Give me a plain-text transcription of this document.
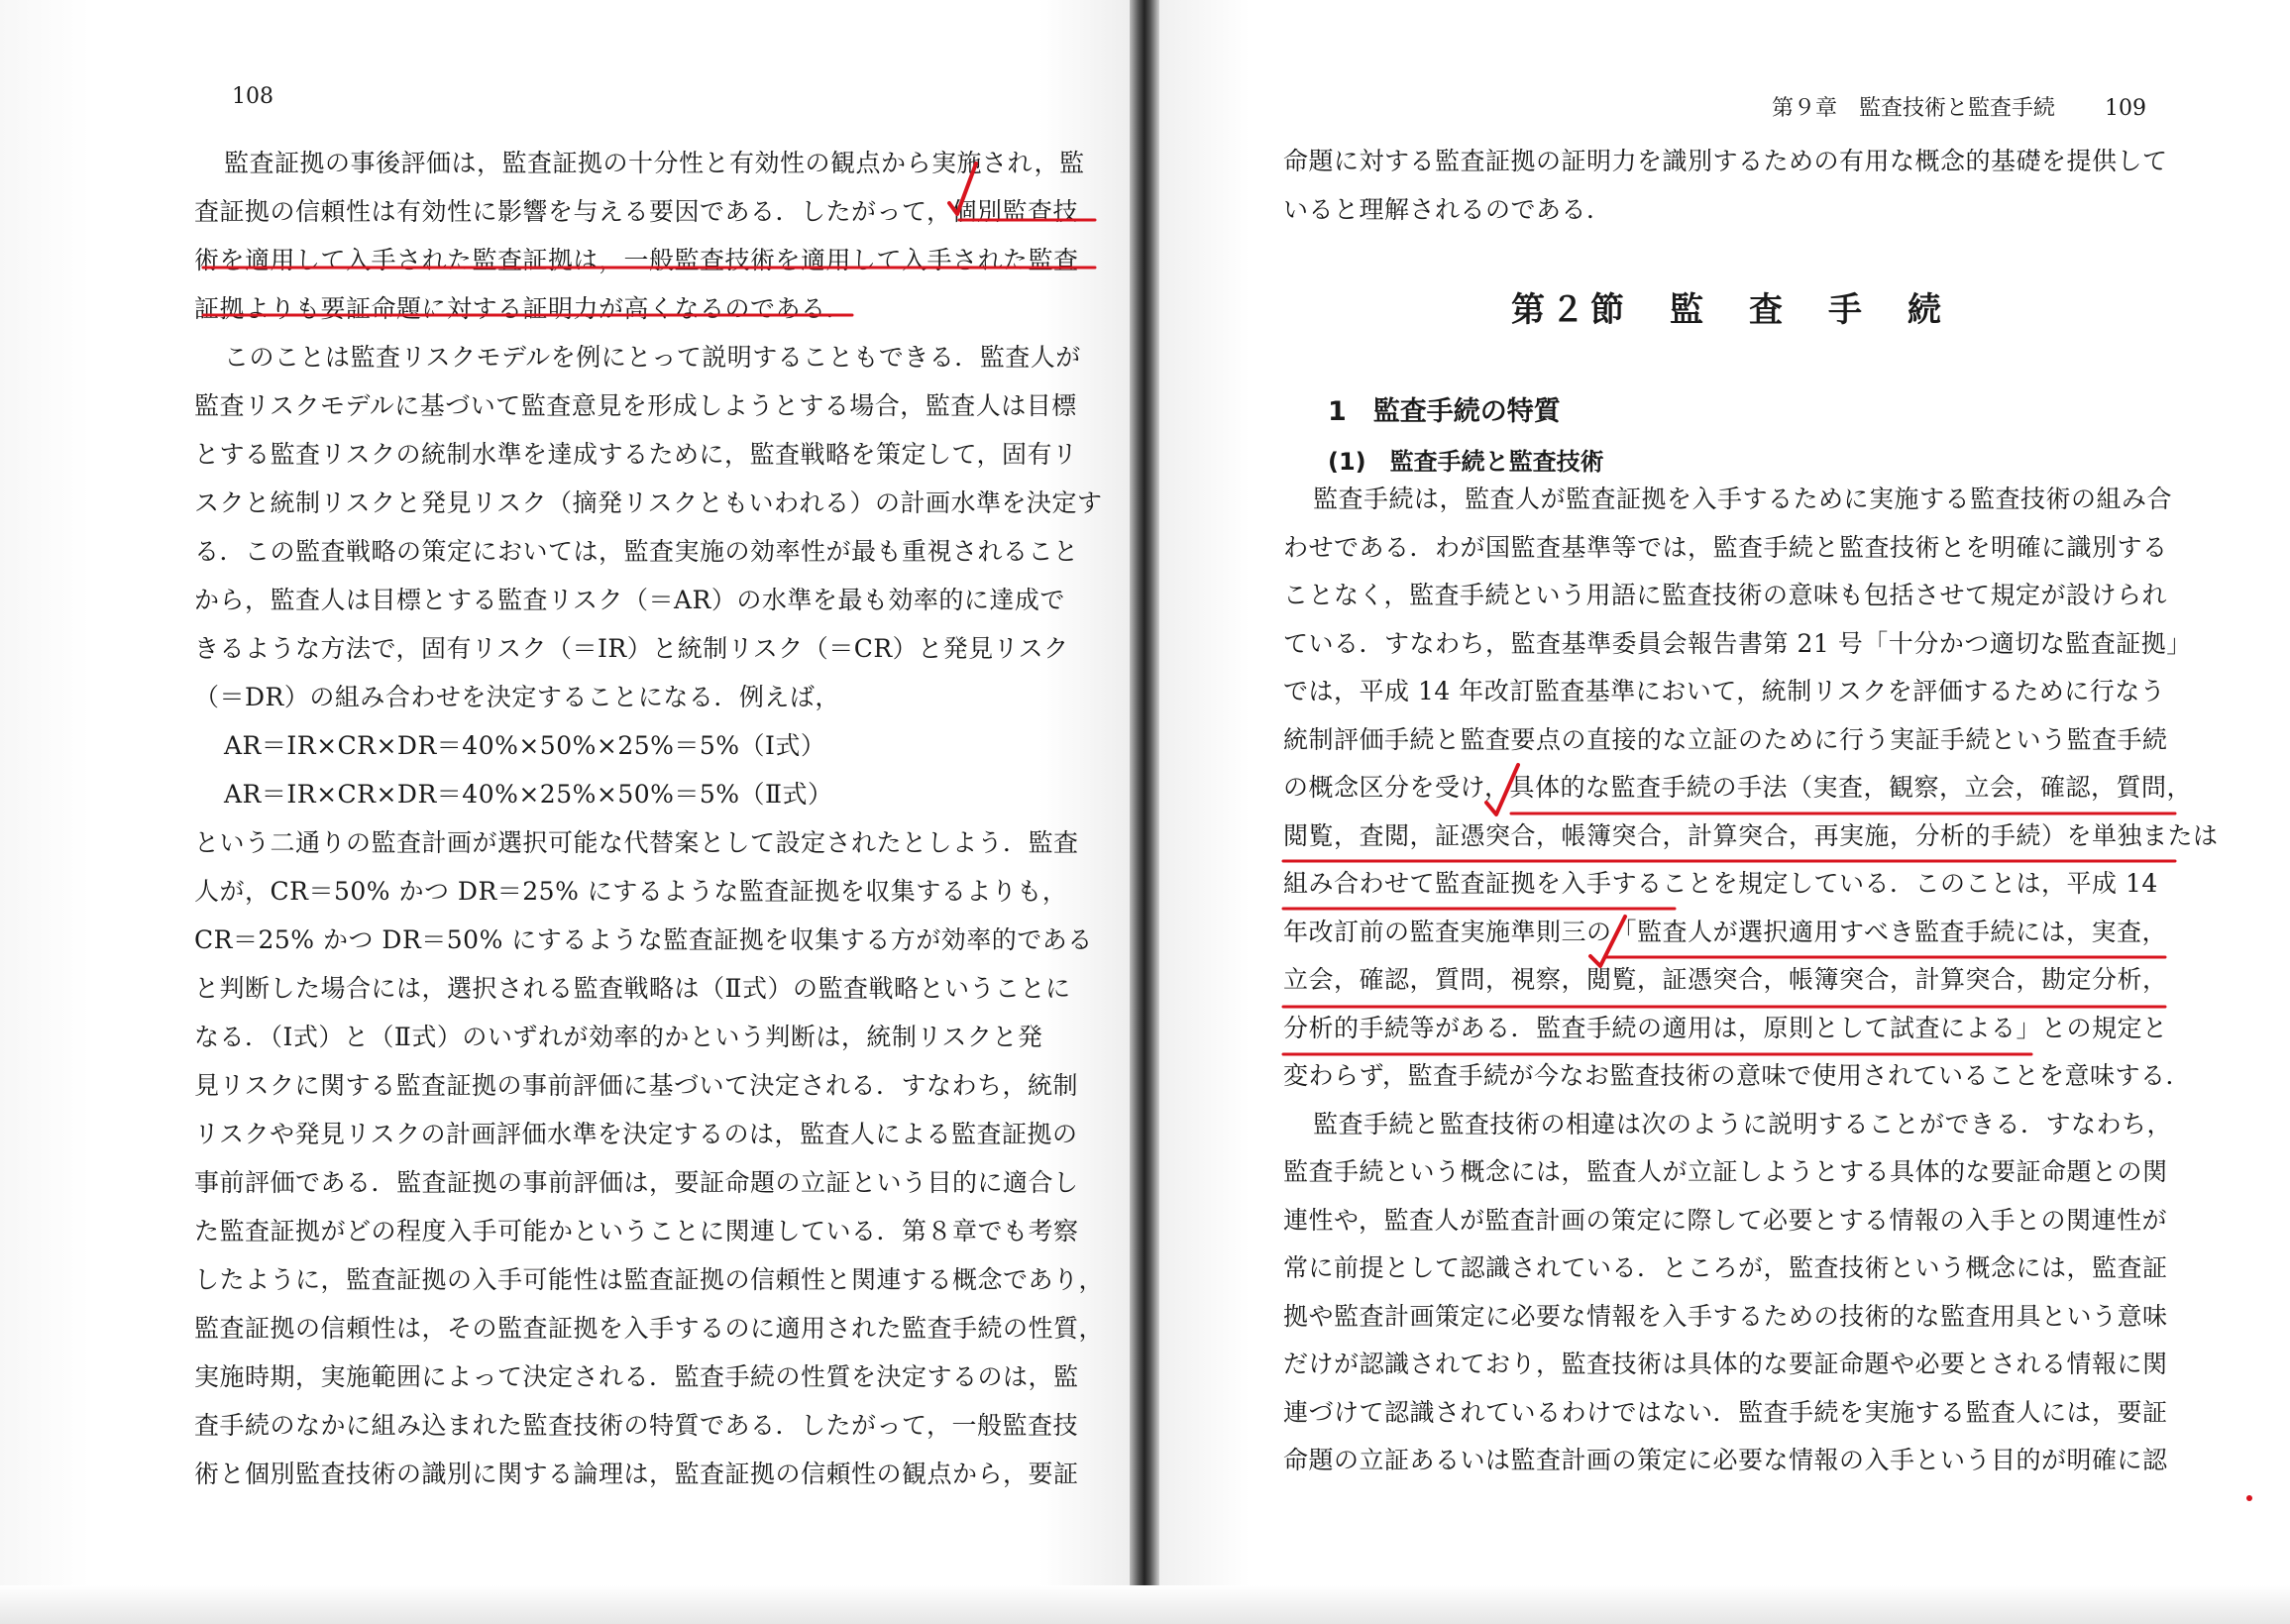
108	第９章　監査技術と監査手続 109
監査証拠の事後評価は，監査証拠の十分性と有効性の観点から実施され，監
査証拠の信頼性は有効性に影響を与える要因である．したがって，個別監査技
術を適用して入手された監査証拠は，一般監査技術を適用して入手された監査
証拠よりも要証命題に対する証明力が高くなるのである．
このことは監査リスクモデルを例にとって説明することもできる．監査人が
監査リスクモデルに基づいて監査意見を形成しようとする場合，監査人は目標
とする監査リスクの統制水準を達成するために，監査戦略を策定して，固有リ
スクと統制リスクと発見リスク（摘発リスクともいわれる）の計画水準を決定す
る．この監査戦略の策定においては，監査実施の効率性が最も重視されること
から，監査人は目標とする監査リスク（＝AR）の水準を最も効率的に達成で
きるような方法で，固有リスク（＝IR）と統制リスク（＝CR）と発見リスク
（＝DR）の組み合わせを決定することになる．例えば，
AR＝IR×CR×DR＝40%×50%×25%＝5%（Ⅰ式）
AR＝IR×CR×DR＝40%×25%×50%＝5%（Ⅱ式）
という二通りの監査計画が選択可能な代替案として設定されたとしよう．監査
人が，CR＝50% かつ DR＝25% にするような監査証拠を収集するよりも，
CR＝25% かつ DR＝50% にするような監査証拠を収集する方が効率的である
と判断した場合には，選択される監査戦略は（Ⅱ式）の監査戦略ということに
なる．（Ⅰ式）と（Ⅱ式）のいずれが効率的かという判断は，統制リスクと発
見リスクに関する監査証拠の事前評価に基づいて決定される．すなわち，統制
リスクや発見リスクの計画評価水準を決定するのは，監査人による監査証拠の
事前評価である．監査証拠の事前評価は，要証命題の立証という目的に適合し
た監査証拠がどの程度入手可能かということに関連している．第８章でも考察
したように，監査証拠の入手可能性は監査証拠の信頼性と関連する概念であり，
監査証拠の信頼性は，その監査証拠を入手するのに適用された監査手続の性質，
実施時期，実施範囲によって決定される．監査手続の性質を決定するのは，監
査手続のなかに組み込まれた監査技術の特質である．したがって，一般監査技
術と個別監査技術の識別に関する論理は，監査証拠の信頼性の観点から，要証
命題に対する監査証拠の証明力を識別するための有用な概念的基礎を提供して
いると理解されるのである．
第２節　監　査　手　続
1　監査手続の特質
(1)　監査手続と監査技術
監査手続は，監査人が監査証拠を入手するために実施する監査技術の組み合
わせである．わが国監査基準等では，監査手続と監査技術とを明確に識別する
ことなく，監査手続という用語に監査技術の意味も包括させて規定が設けられ
ている．すなわち，監査基準委員会報告書第 21 号「十分かつ適切な監査証拠」
では，平成 14 年改訂監査基準において，統制リスクを評価するために行なう
統制評価手続と監査要点の直接的な立証のために行う実証手続という監査手続
の概念区分を受け，具体的な監査手続の手法（実査，観察，立会，確認，質問，
閲覧，査閲，証憑突合，帳簿突合，計算突合，再実施，分析的手続）を単独または
組み合わせて監査証拠を入手することを規定している．このことは，平成 14
年改訂前の監査実施準則三の「監査人が選択適用すべき監査手続には，実査，
立会，確認，質問，視察，閲覧，証憑突合，帳簿突合，計算突合，勘定分析，
分析的手続等がある．監査手続の適用は，原則として試査による」との規定と
変わらず，監査手続が今なお監査技術の意味で使用されていることを意味する．
監査手続と監査技術の相違は次のように説明することができる．すなわち，
監査手続という概念には，監査人が立証しようとする具体的な要証命題との関
連性や，監査人が監査計画の策定に際して必要とする情報の入手との関連性が
常に前提として認識されている．ところが，監査技術という概念には，監査証
拠や監査計画策定に必要な情報を入手するための技術的な監査用具という意味
だけが認識されており，監査技術は具体的な要証命題や必要とされる情報に関
連づけて認識されているわけではない．監査手続を実施する監査人には，要証
命題の立証あるいは監査計画の策定に必要な情報の入手という目的が明確に認
